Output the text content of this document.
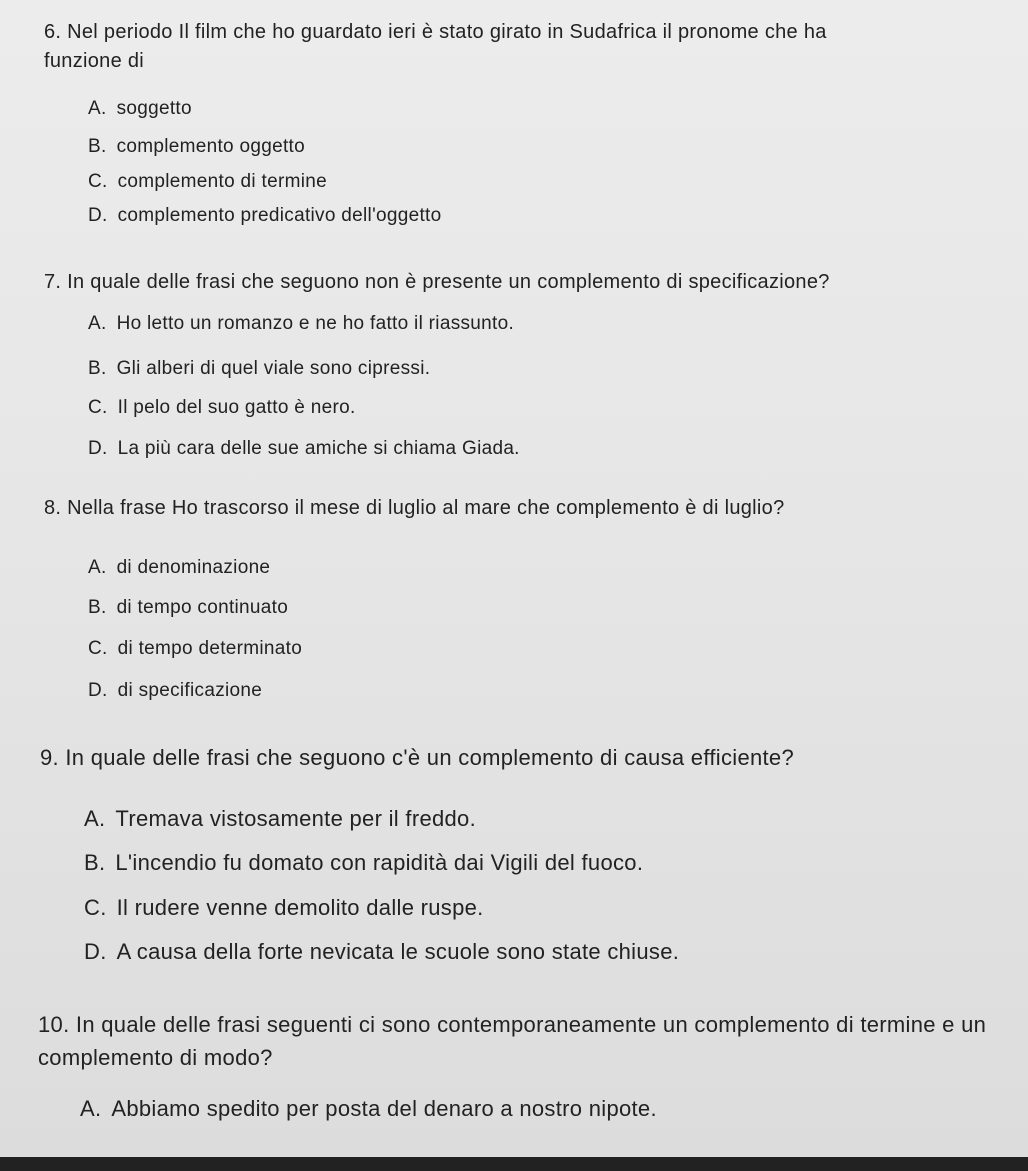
6. Nel periodo Il film che ho guardato ieri è stato girato in Sudafrica il pronome che ha funzione di
A. soggetto
B. complemento oggetto
C. complemento di termine
D. complemento predicativo dell'oggetto
7. In quale delle frasi che seguono non è presente un complemento di specificazione?
A. Ho letto un romanzo e ne ho fatto il riassunto.
B. Gli alberi di quel viale sono cipressi.
C. Il pelo del suo gatto è nero.
D. La più cara delle sue amiche si chiama Giada.
8. Nella frase Ho trascorso il mese di luglio al mare che complemento è di luglio?
A. di denominazione
B. di tempo continuato
C. di tempo determinato
D. di specificazione
9. In quale delle frasi che seguono c'è un complemento di causa efficiente?
A. Tremava vistosamente per il freddo.
B. L'incendio fu domato con rapidità dai Vigili del fuoco.
C. Il rudere venne demolito dalle ruspe.
D. A causa della forte nevicata le scuole sono state chiuse.
10. In quale delle frasi seguenti ci sono contemporaneamente un complemento di termine e un complemento di modo?
A. Abbiamo spedito per posta del denaro a nostro nipote.
